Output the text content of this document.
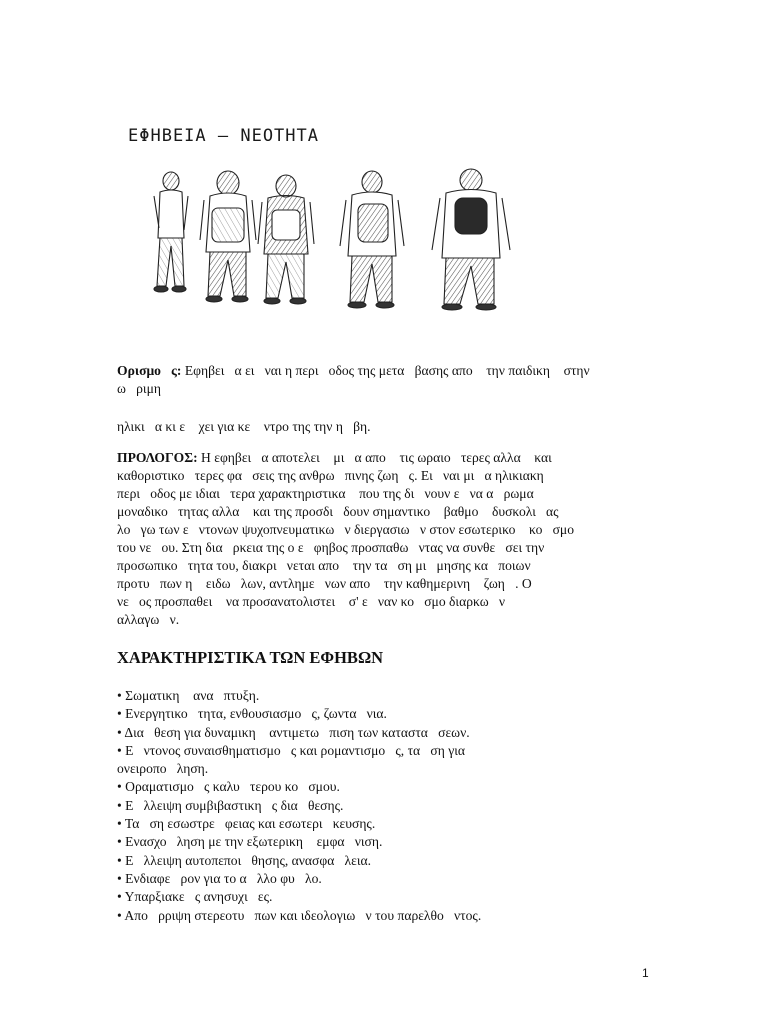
ΕΦΗΒΕΙΑ – ΝΕΟΤΗΤΑ
Ορισμο   ς: Εφηβει   α ει   ναι η περι   οδος της μετα   βασης απο    την παιδικη    στην
ω   ριμη
ηλικι   α κι ε    χει για κε    ντρο της την η   βη.
ΠΡΟΛΟΓΟΣ: Η εφηβει   α αποτελει    μι   α απο    τις ωραιο   τερες αλλα    και
καθοριστικο   τερες φα   σεις της ανθρω   πινης ζωη   ς. Ει   ναι μι   α ηλικιακη
περι   οδος με ιδιαι   τερα χαρακτηριστικα    που της δι   νουν ε   να α   ρωμα
μοναδικο   τητας αλλα    και της προσδι   δουν σημαντικο    βαθμο    δυσκολι   ας
λο   γω των ε   ντονων ψυχοπνευματικω   ν διεργασιω   ν στον εσωτερικο    κο   σμο
του νε   ου. Στη δια   ρκεια της ο ε   φηβος προσπαθω   ντας να συνθε   σει την
προσωπικο   τητα του, διακρι   νεται απο    την τα   ση μι   μησης κα   ποιων
προτυ   πων η    ειδω   λων, αντλημε   νων απο    την καθημερινη    ζωη   . Ο
νε   ος προσπαθει    να προσανατολιστει    σ' ε   ναν κο   σμο διαρκω   ν
αλλαγω   ν.
ΧΑΡΑΚΤΗΡΙΣΤΙΚΑ ΤΩΝ ΕΦΗΒΩΝ
• Σωματικη    ανα   πτυξη.
• Ενεργητικο   τητα, ενθουσιασμο   ς, ζωντα   νια.
• Δια   θεση για δυναμικη    αντιμετω   πιση των καταστα   σεων.
• Ε   ντονος συναισθηματισμο   ς και ρομαντισμο   ς, τα   ση για
ονειροπο   ληση.
• Οραματισμο   ς καλυ   τερου κο   σμου.
• Ε   λλειψη συμβιβαστικη   ς δια   θεσης.
• Τα   ση εσωστρε   φειας και εσωτερι   κευσης.
• Ενασχο   ληση με την εξωτερικη    εμφα   νιση.
• Ε   λλειψη αυτοπεποι   θησης, ανασφα   λεια.
• Ενδιαφε   ρον για το α   λλο φυ   λο.
• Υπαρξιακε   ς ανησυχι   ες.
• Απο   ρριψη στερεοτυ   πων και ιδεολογιω   ν του παρελθο   ντος.
1
